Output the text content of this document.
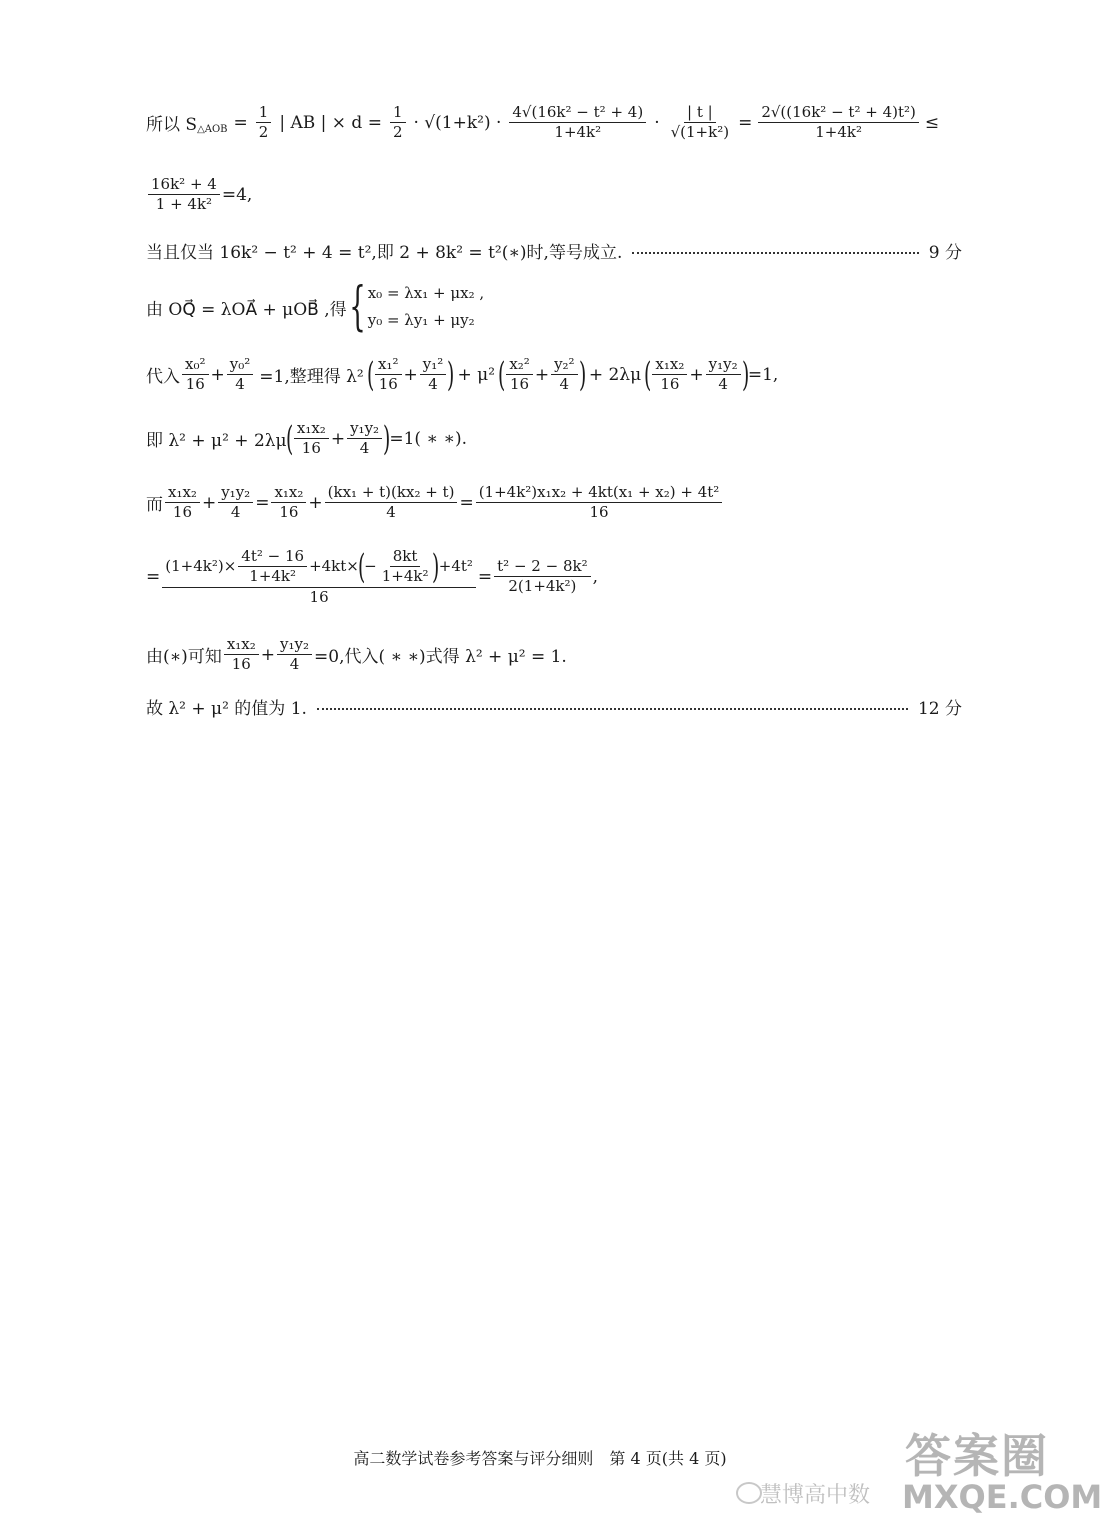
所以 $S_{\triangle AOB} = \frac{1}{2}$ | AB | × $d = \frac{1}{2} \cdot √(1+k^2) \cdot \frac{\text{4√(16k² − t² + 4)}}{\text{1+4k²}} \cdot \frac{| t |}{\text{√(1+k²)}} = \frac{\text{2√((16k² − t² + 4)t²)}}{\text{1+4k²}}$ ≤
$\frac{\text{16k² + 4}}{\text{1 + 4k²}} =4$,
当且仅当 16k² − t² + 4 = t²,即 2 + 8k² = t²(∗)时,等号成立.	9 分
由 OQ⃗ = λOA⃗ + μOB⃗ ,得 { x₀ = λx₁ + μx₂ ,
y₀ = λy₁ + μy₂
代入 $\frac{\text{x₀²}}{16} + \frac{\text{y₀²}}{4} =1$,整理得 λ² ( $\frac{\text{x₁²}}{16} + \frac{\text{y₁²}}{4}$ ) + μ² ( $\frac{\text{x₂²}}{16} + \frac{\text{y₂²}}{4}$ ) + 2λμ ( $\frac{\text{x₁x₂}}{16} + \frac{\text{y₁y₂}}{4}$ )
=1,
即 λ² + μ² + 2λμ
( $\frac{\text{x₁x₂}}{16} + \frac{\text{y₁y₂}}{4}$ )
=1( ∗ ∗).
而 $\frac{\text{x₁x₂}}{16} + \frac{\text{y₁y₂}}{4} = \frac{\text{x₁x₂}}{16} + \frac{\text{(kx₁ + t)(kx₂ + t)}}{4} = \frac{\text{(1+4k²)x₁x₂ + 4kt(x₁ + x₂) + 4t²}}{16}$
=
$(1+4k^2)\times \frac{\text{4t² − 16}}{\text{1+4k²}} +4kt\times$
(
− $\frac{8kt}{\text{1+4k²}}$ )
+4t²
16
= $\frac{\text{t² − 2 − 8k²}}{\text{2(1+4k²)}}$ ,
由(∗)可知 $\frac{\text{x₁x₂}}{16} + \frac{\text{y₁y₂}}{4} =0$,代入( ∗ ∗)式得 λ² + μ² = 1.
故 λ² + μ² 的值为 1.	12 分
高二数学试卷参考答案与评分细则　第 4 页(共 4 页)
慧博高中数
答案圈
MXQE.COM
